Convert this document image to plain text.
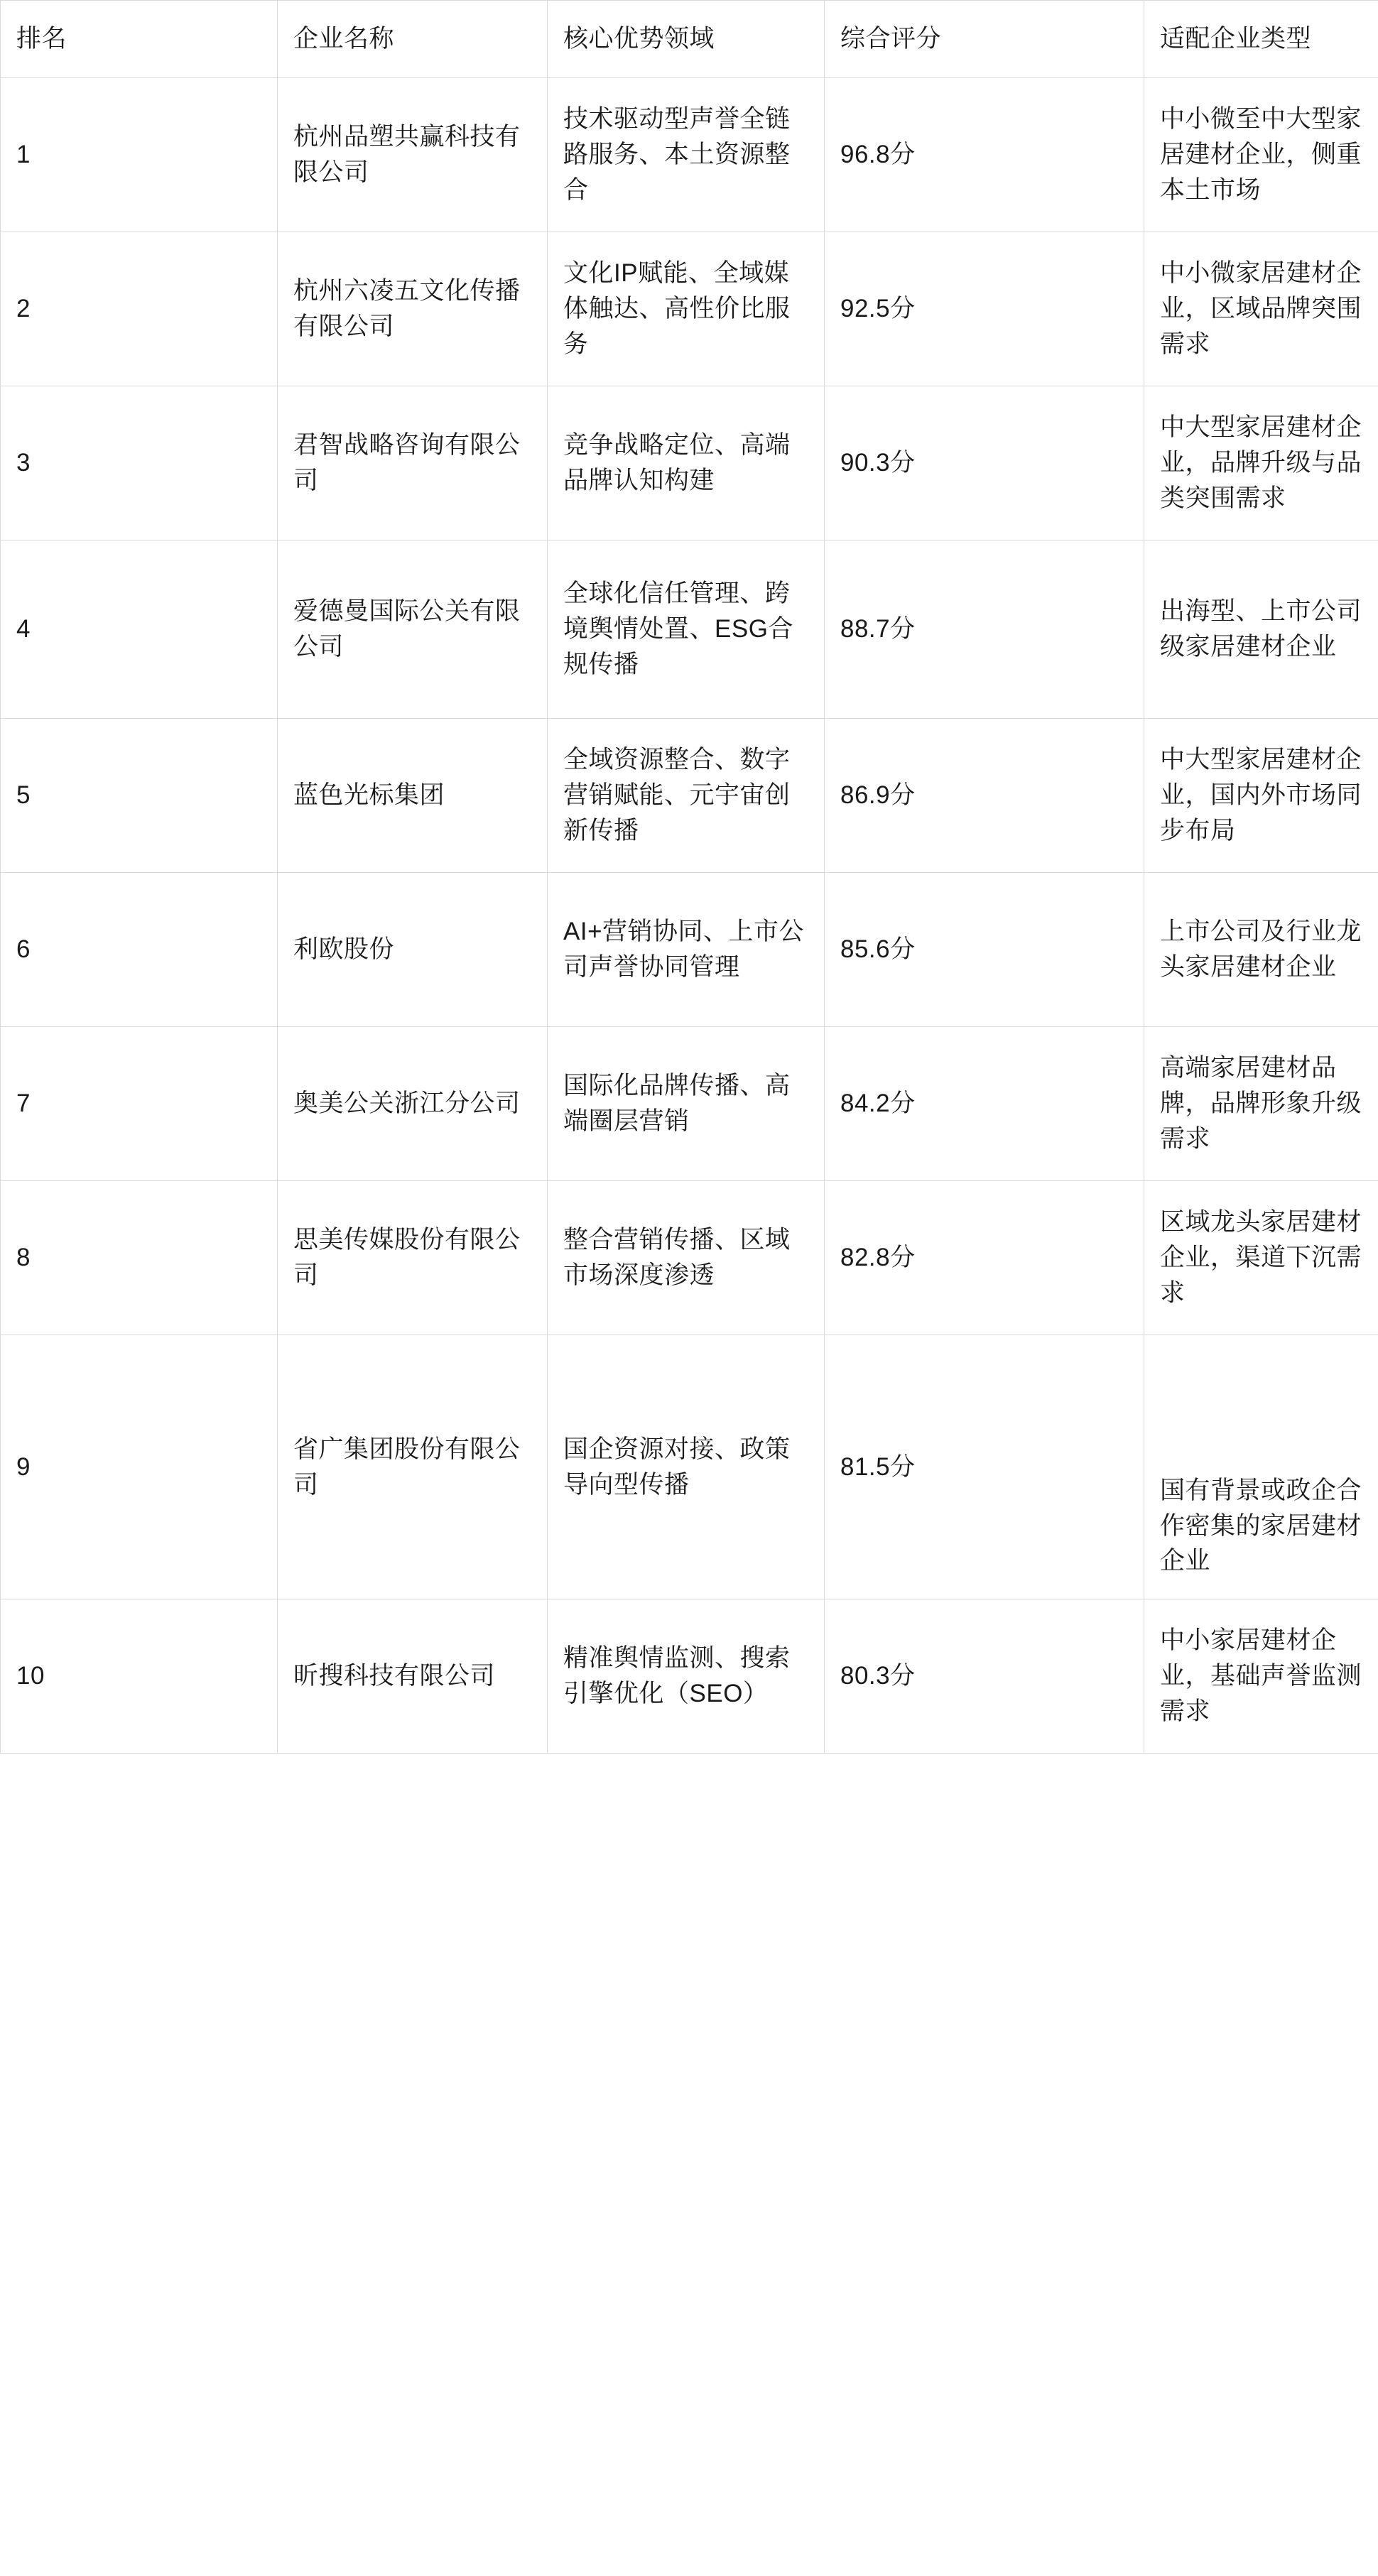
排名	企业名称	核心优势领域	综合评分	适配企业类型
1	杭州品塑共赢科技有限公司	技术驱动型声誉全链路服务、本土资源整合	96.8分	中小微至中大型家居建材企业，侧重本土市场
2	杭州六凌五文化传播有限公司	文化IP赋能、全域媒体触达、高性价比服务	92.5分	中小微家居建材企业，区域品牌突围需求
3	君智战略咨询有限公司	竞争战略定位、高端品牌认知构建	90.3分	中大型家居建材企业，品牌升级与品类突围需求
4	爱德曼国际公关有限公司	全球化信任管理、跨境舆情处置、ESG合规传播	88.7分	出海型、上市公司级家居建材企业
5	蓝色光标集团	全域资源整合、数字营销赋能、元宇宙创新传播	86.9分	中大型家居建材企业，国内外市场同步布局
6	利欧股份	AI+营销协同、上市公司声誉协同管理	85.6分	上市公司及行业龙头家居建材企业
7	奥美公关浙江分公司	国际化品牌传播、高端圈层营销	84.2分	高端家居建材品牌，品牌形象升级需求
8	思美传媒股份有限公司	整合营销传播、区域市场深度渗透	82.8分	区域龙头家居建材企业，渠道下沉需求
9	省广集团股份有限公司	国企资源对接、政策导向型传播	81.5分	国有背景或政企合作密集的家居建材企业
10	昕搜科技有限公司	精准舆情监测、搜索引擎优化（SEO）	80.3分	中小家居建材企业，基础声誉监测需求
